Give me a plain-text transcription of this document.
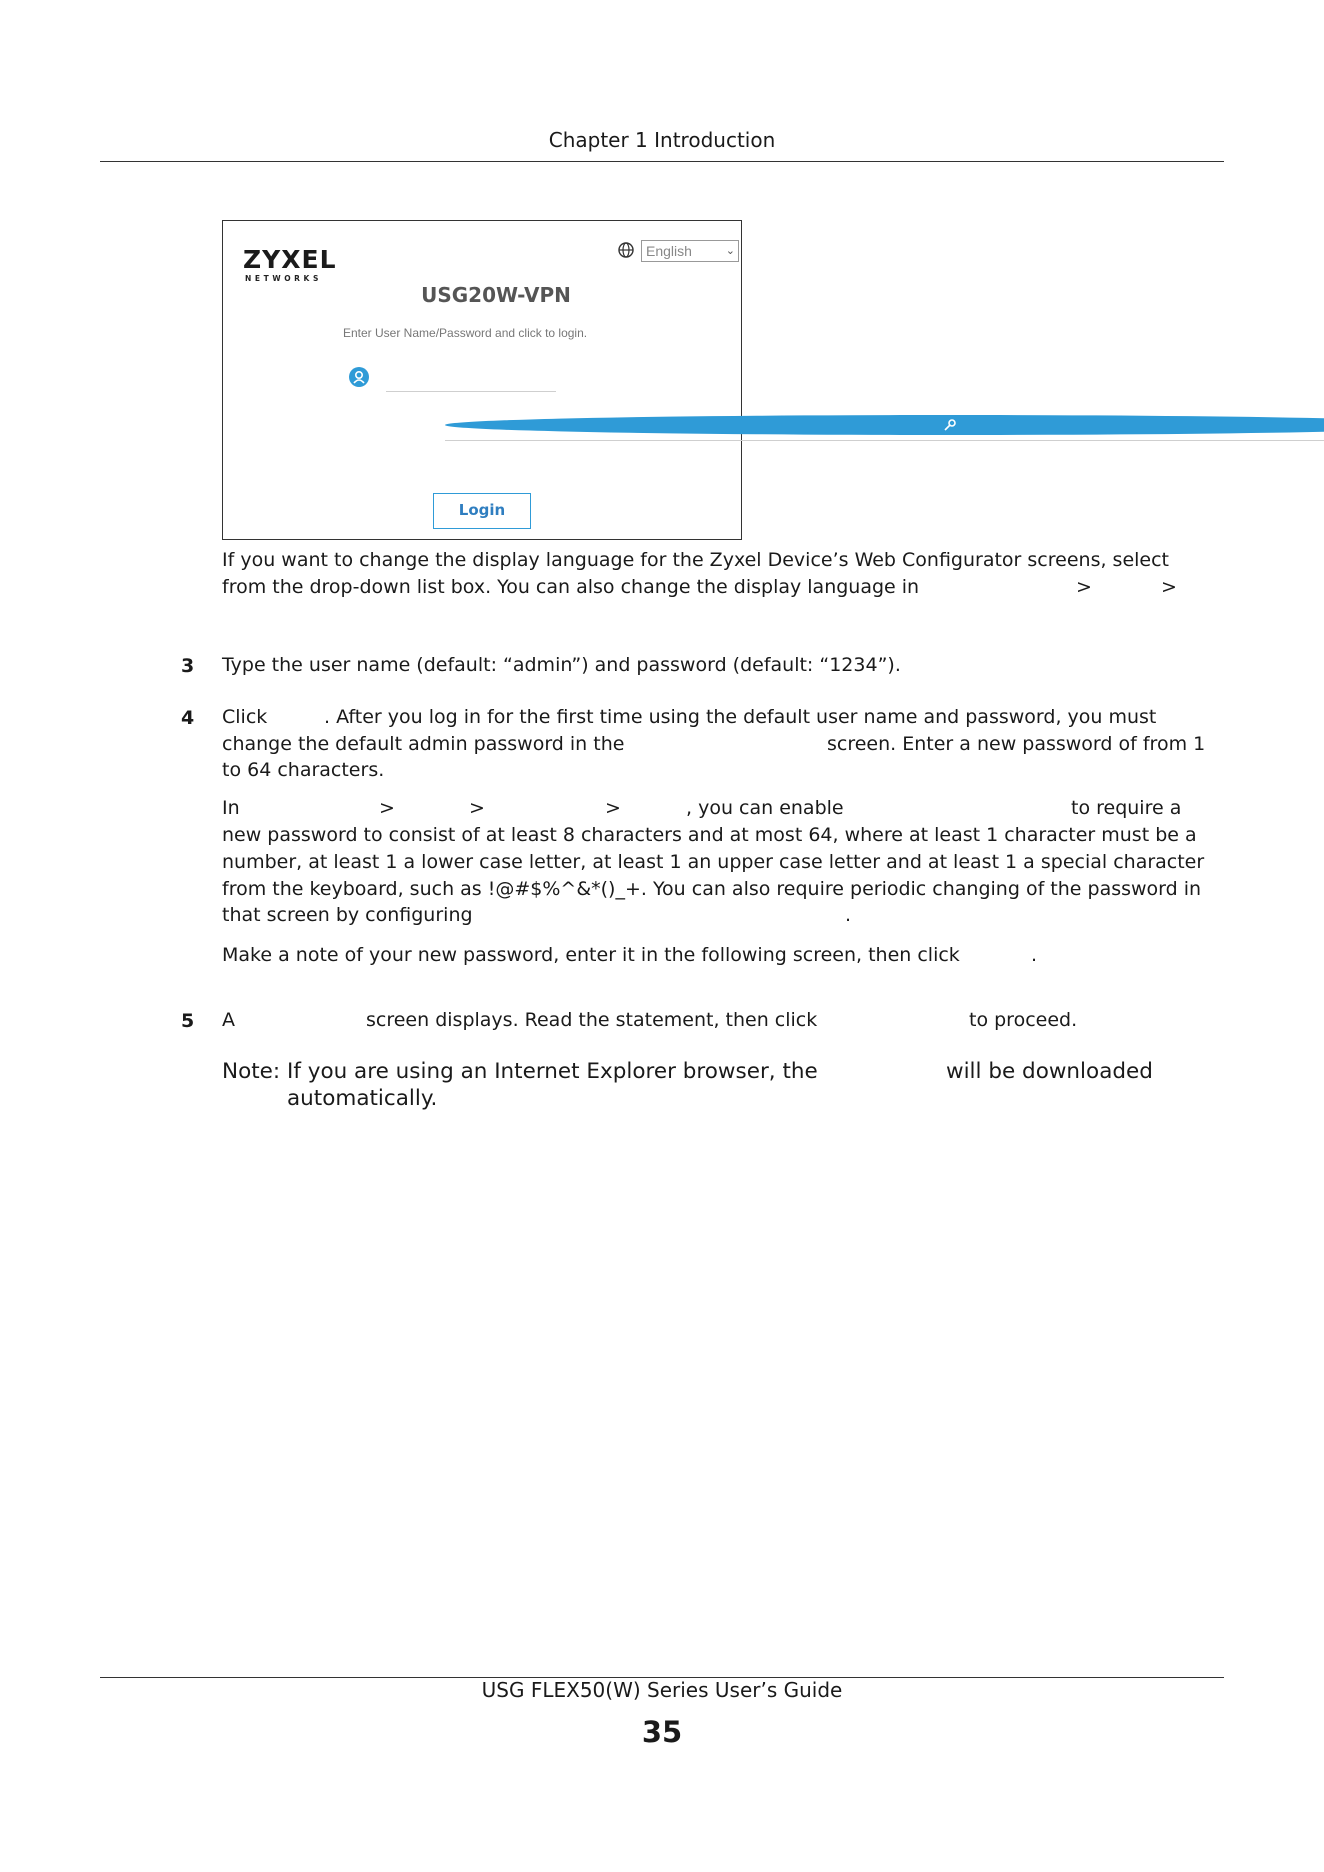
Chapter 1 Introduction
ZYXEL
NETWORKS
English	⌄
USG20W-VPN
Enter User Name/Password and click to login.
Login
If you want to change the display language for the Zyxel Device’s Web Configurator screens, select
from the drop-down list box. You can also change the display language in	>	>
3 Type the user name (default: “admin”) and password (default: “1234”).
4 Click	. After you log in for the first time using the default user name and password, you must
change the default admin password in the	screen. Enter a new password of from 1
to 64 characters.
In	>	>	>	, you can enable	to require a
new password to consist of at least 8 characters and at most 64, where at least 1 character must be a
number, at least 1 a lower case letter, at least 1 an upper case letter and at least 1 a special character
from the keyboard, such as !@#$%^&*()_+. You can also require periodic changing of the password in
that screen by configuring	.
Make a note of your new password, enter it in the following screen, then click	.
5 A	screen displays. Read the statement, then click	to proceed.
Note: If you are using an Internet Explorer browser, the	will be downloaded
automatically.
USG FLEX50(W) Series User’s Guide
35
